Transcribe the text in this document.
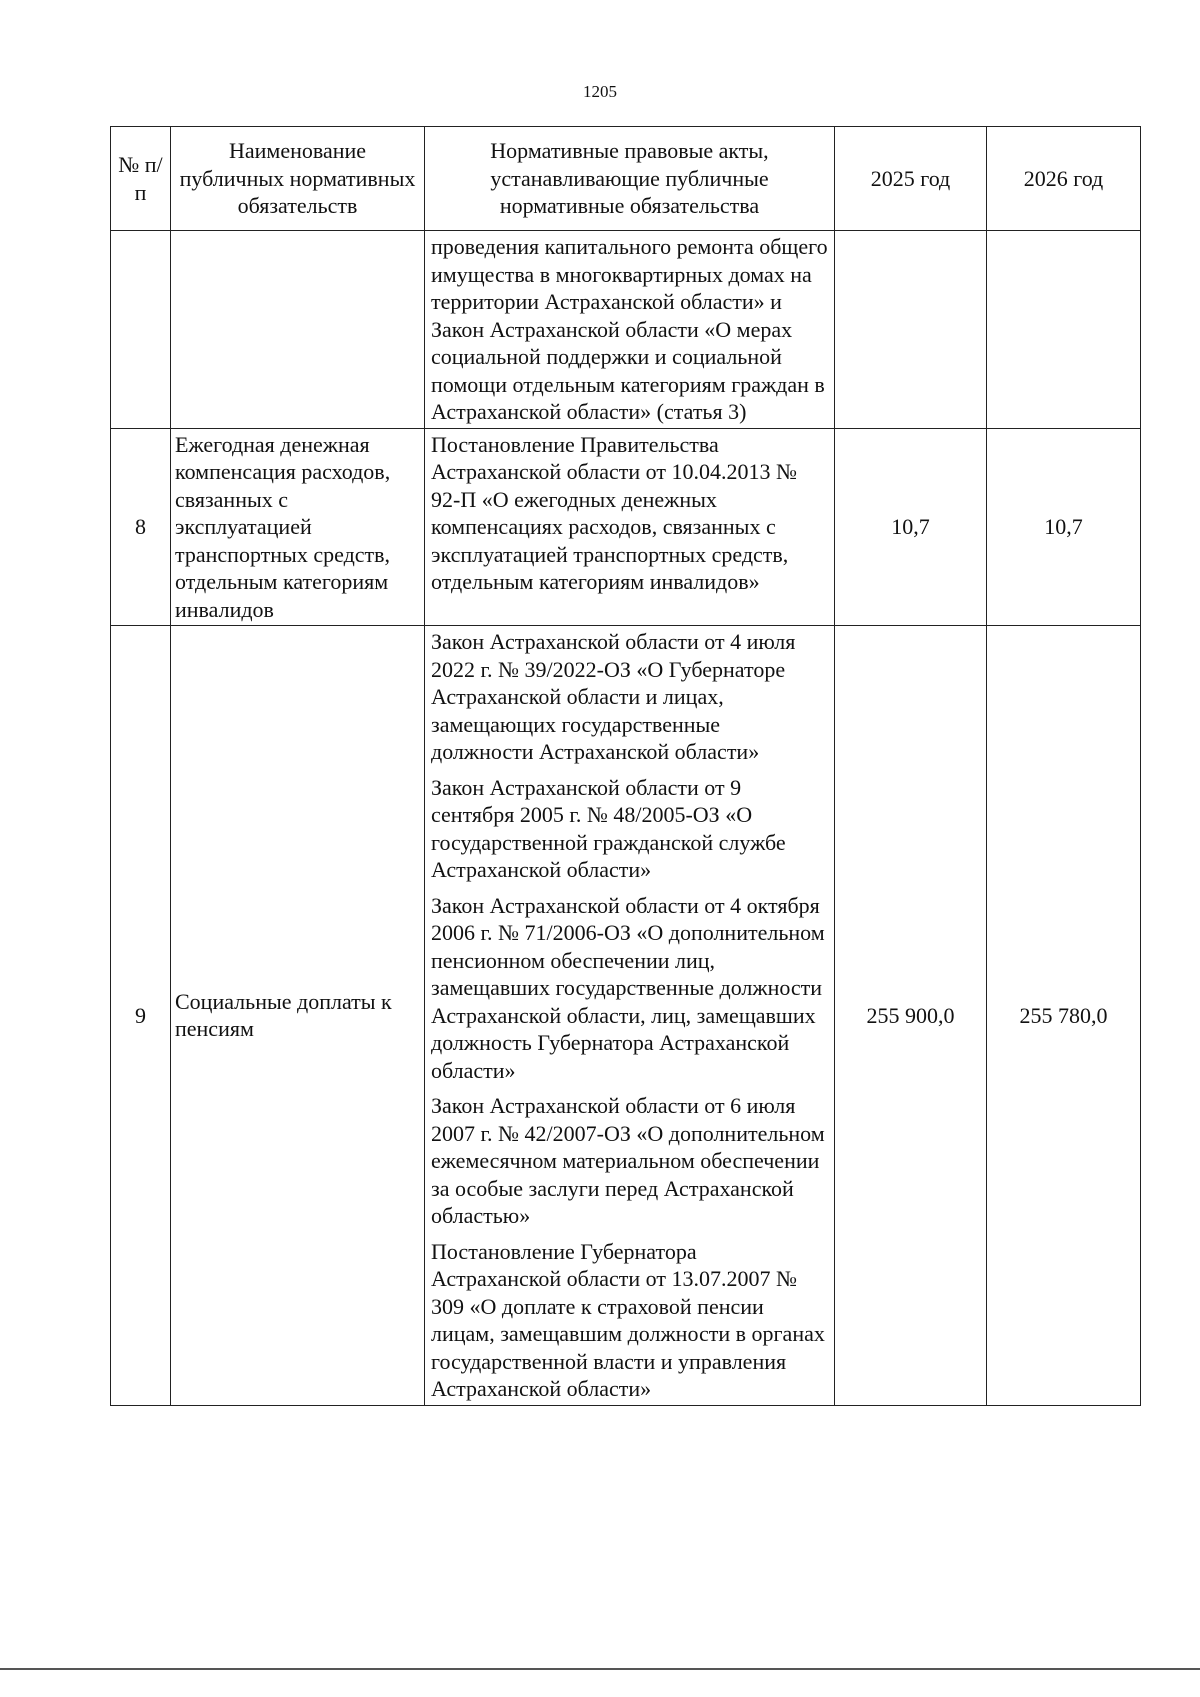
1205
№ п/п	Наименование публичных нормативных обязательств	Нормативные правовые акты, устанавливающие публичные нормативные обязательства	2025 год	2026 год

		проведения капитального ремонта общего имущества в многоквартирных домах на территории Астраханской области» и Закон Астраханской области «О мерах социальной поддержки и социальной помощи отдельным категориям граждан в Астраханской области» (статья 3)		

8	Ежегодная денежная компенсация расходов, связанных с эксплуатацией транспортных средств, отдельным категориям инвалидов	Постановление Правительства Астраханской области от 10.04.2013 № 92-П «О ежегодных денежных компенсациях расходов, связанных с эксплуатацией транспортных средств, отдельным категориям инвалидов»	10,7	10,7
9	Социальные доплаты к пенсиям	Закон Астраханской области от 4 июля 2022 г. № 39/2022-ОЗ «О Губернаторе Астраханской области и лицах, замещающих государственные должности Астраханской области»
Закон Астраханской области от 9 сентября 2005 г. № 48/2005-ОЗ «О государственной гражданской службе Астраханской области»
Закон Астраханской области от 4 октября 2006 г. № 71/2006-ОЗ «О дополнительном пенсионном обеспечении лиц, замещавших государственные должности Астраханской области, лиц, замещавших должность Губернатора Астраханской области»
Закон Астраханской области от 6 июля 2007 г. № 42/2007-ОЗ «О дополнительном ежемесячном материальном обеспечении за особые заслуги перед Астраханской областью»
Постановление Губернатора Астраханской области от 13.07.2007 № 309 «О доплате к страховой пенсии лицам, замещавшим должности в органах государственной власти и управления Астраханской области»	255 900,0	255 780,0
